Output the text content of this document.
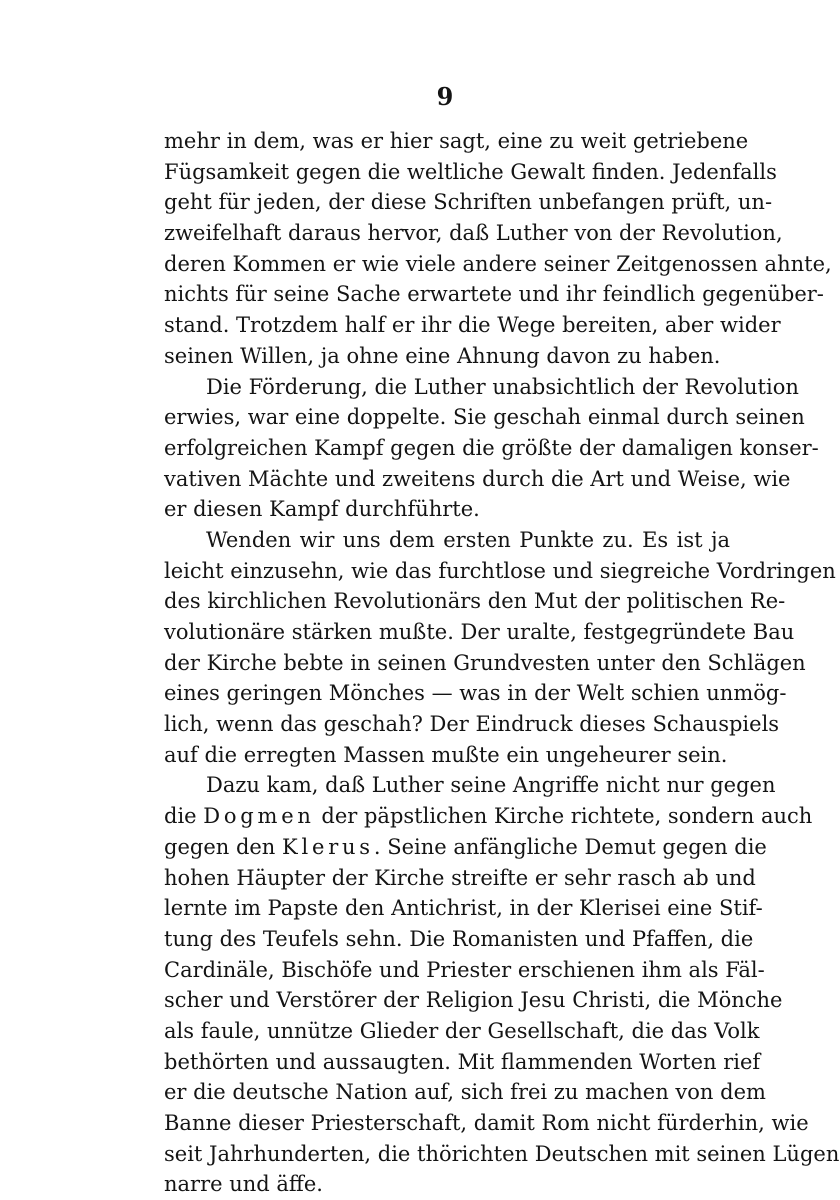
9
mehr in dem, was er hier sagt, eine zu weit getriebene
Fügsamkeit gegen die weltliche Gewalt finden. Jedenfalls
geht für jeden, der diese Schriften unbefangen prüft, un-
zweifelhaft daraus hervor, daß Luther von der Revolution,
deren Kommen er wie viele andere seiner Zeitgenossen ahnte,
nichts für seine Sache erwartete und ihr feindlich gegenüber-
stand. Trotzdem half er ihr die Wege bereiten, aber wider
seinen Willen, ja ohne eine Ahnung davon zu haben.
Die Förderung, die Luther unabsichtlich der Revolution
erwies, war eine doppelte. Sie geschah einmal durch seinen
erfolgreichen Kampf gegen die größte der damaligen konser-
vativen Mächte und zweitens durch die Art und Weise, wie
er diesen Kampf durchführte.
Wenden wir uns dem ersten Punkte zu. Es ist ja
leicht einzusehn, wie das furchtlose und siegreiche Vordringen
des kirchlichen Revolutionärs den Mut der politischen Re-
volutionäre stärken mußte. Der uralte, festgegründete Bau
der Kirche bebte in seinen Grundvesten unter den Schlägen
eines geringen Mönches — was in der Welt schien unmög-
lich, wenn das geschah? Der Eindruck dieses Schauspiels
auf die erregten Massen mußte ein ungeheurer sein.
Dazu kam, daß Luther seine Angriffe nicht nur gegen
die Dogmen der päpstlichen Kirche richtete, sondern auch
gegen den Klerus. Seine anfängliche Demut gegen die
hohen Häupter der Kirche streifte er sehr rasch ab und
lernte im Papste den Antichrist, in der Klerisei eine Stif-
tung des Teufels sehn. Die Romanisten und Pfaffen, die
Cardinäle, Bischöfe und Priester erschienen ihm als Fäl-
scher und Verstörer der Religion Jesu Christi, die Mönche
als faule, unnütze Glieder der Gesellschaft, die das Volk
bethörten und aussaugten. Mit flammenden Worten rief
er die deutsche Nation auf, sich frei zu machen von dem
Banne dieser Priesterschaft, damit Rom nicht fürderhin, wie
seit Jahrhunderten, die thörichten Deutschen mit seinen Lügen
narre und äffe.
